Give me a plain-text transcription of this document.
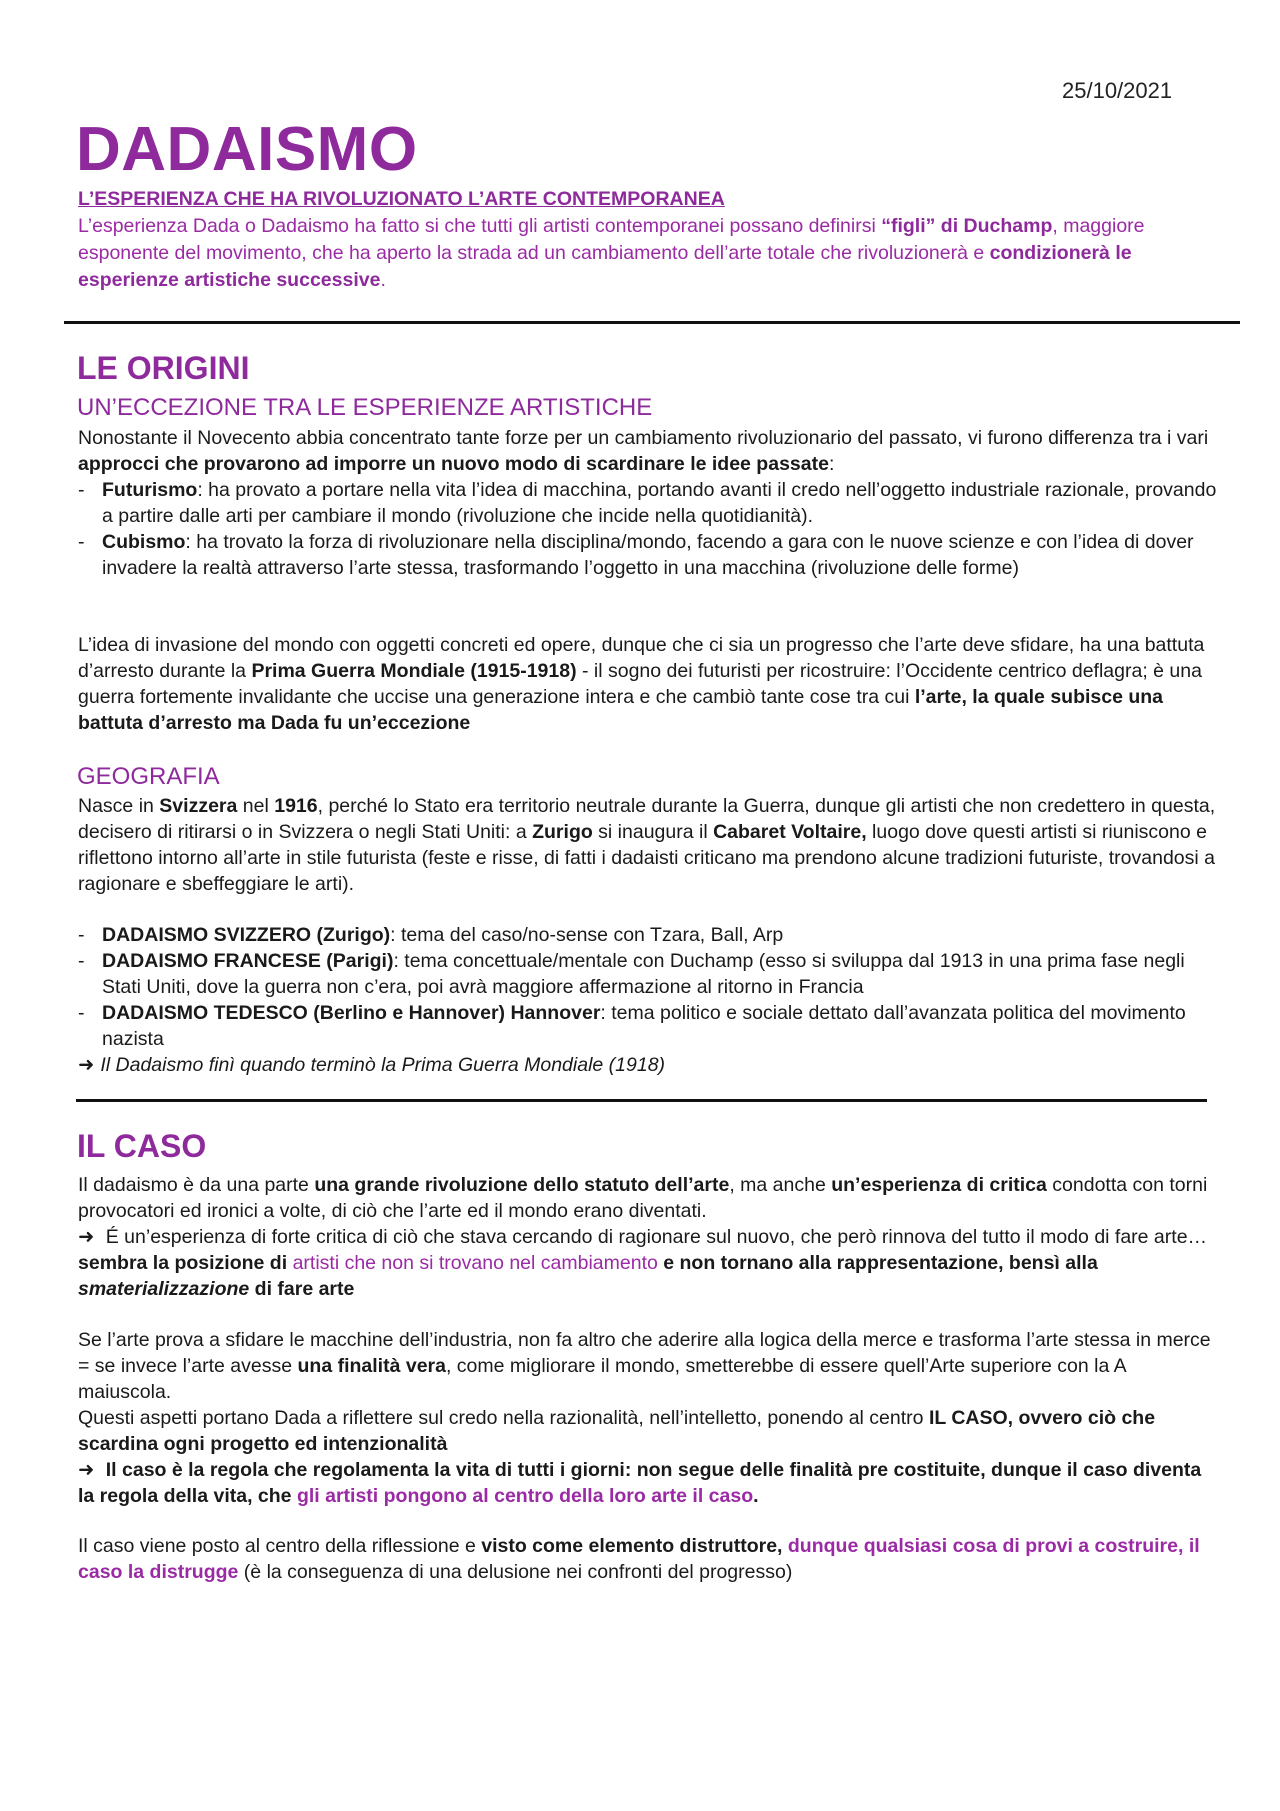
25/10/2021
DADAISMO
L’ESPERIENZA CHE HA RIVOLUZIONATO L’ARTE CONTEMPORANEA
L’esperienza Dada o Dadaismo ha fatto si che tutti gli artisti contemporanei possano definirsi “figli” di Duchamp, maggiore esponente del movimento, che ha aperto la strada ad un cambiamento dell’arte totale che rivoluzionerà e condizionerà le esperienze artistiche successive.
LE ORIGINI
UN’ECCEZIONE TRA LE ESPERIENZE ARTISTICHE

Nonostante il Novecento abbia concentrato tante forze per un cambiamento rivoluzionario del passato, vi furono differenza tra i vari approcci che provarono ad imporre un nuovo modo di scardinare le idee passate:

- Futurismo: ha provato a portare nella vita l’idea di macchina, portando avanti il credo nell’oggetto industriale razionale, provando a partire dalle arti per cambiare il mondo (rivoluzione che incide nella quotidianità).
- Cubismo: ha trovato la forza di rivoluzionare nella disciplina/mondo, facendo a gara con le nuove scienze e con l’idea di dover invadere la realtà attraverso l’arte stessa, trasformando l’oggetto in una macchina (rivoluzione delle forme)

L’idea di invasione del mondo con oggetti concreti ed opere, dunque che ci sia un progresso che l’arte deve sfidare, ha una battuta d’arresto durante la Prima Guerra Mondiale (1915-1918) - il sogno dei futuristi per ricostruire: l’Occidente centrico deflagra; è una guerra fortemente invalidante che uccise una generazione intera e che cambiò tante cose tra cui l’arte, la quale subisce una battuta d’arresto ma Dada fu un’eccezione

GEOGRAFIA

Nasce in Svizzera nel 1916, perché lo Stato era territorio neutrale durante la Guerra, dunque gli artisti che non credettero in questa, decisero di ritirarsi o in Svizzera o negli Stati Uniti: a Zurigo si inaugura il Cabaret Voltaire, luogo dove questi artisti si riuniscono e riflettono intorno all’arte in stile futurista (feste e risse, di fatti i dadaisti criticano ma prendono alcune tradizioni futuriste, trovandosi a ragionare e sbeffeggiare le arti).

- DADAISMO SVIZZERO (Zurigo): tema del caso/no-sense con Tzara, Ball, Arp
- DADAISMO FRANCESE (Parigi): tema concettuale/mentale con Duchamp (esso si sviluppa dal 1913 in una prima fase negli Stati Uniti, dove la guerra non c’era, poi avrà maggiore affermazione al ritorno in Francia
- DADAISMO TEDESCO (Berlino e Hannover) Hannover: tema politico e sociale dettato dall’avanzata politica del movimento nazista
➜ Il Dadaismo finì quando terminò la Prima Guerra Mondiale (1918)
IL CASO

Il dadaismo è da una parte una grande rivoluzione dello statuto dell’arte, ma anche un’esperienza di critica condotta con torni provocatori ed ironici a volte, di ciò che l’arte ed il mondo erano diventati.
➜ É un’esperienza di forte critica di ciò che stava cercando di ragionare sul nuovo, che però rinnova del tutto il modo di fare arte… sembra la posizione di artisti che non si trovano nel cambiamento e non tornano alla rappresentazione, bensì alla smaterializzazione di fare arte

Se l’arte prova a sfidare le macchine dell’industria, non fa altro che aderire alla logica della merce e trasforma l’arte stessa in merce = se invece l’arte avesse una finalità vera, come migliorare il mondo, smetterebbe di essere quell’Arte superiore con la A maiuscola.
Questi aspetti portano Dada a riflettere sul credo nella razionalità, nell’intelletto, ponendo al centro IL CASO, ovvero ciò che scardina ogni progetto ed intenzionalità
➜ Il caso è la regola che regolamenta la vita di tutti i giorni: non segue delle finalità pre costituite, dunque il caso diventa la regola della vita, che gli artisti pongono al centro della loro arte il caso.

Il caso viene posto al centro della riflessione e visto come elemento distruttore, dunque qualsiasi cosa di provi a costruire, il caso la distrugge (è la conseguenza di una delusione nei confronti del progresso)
